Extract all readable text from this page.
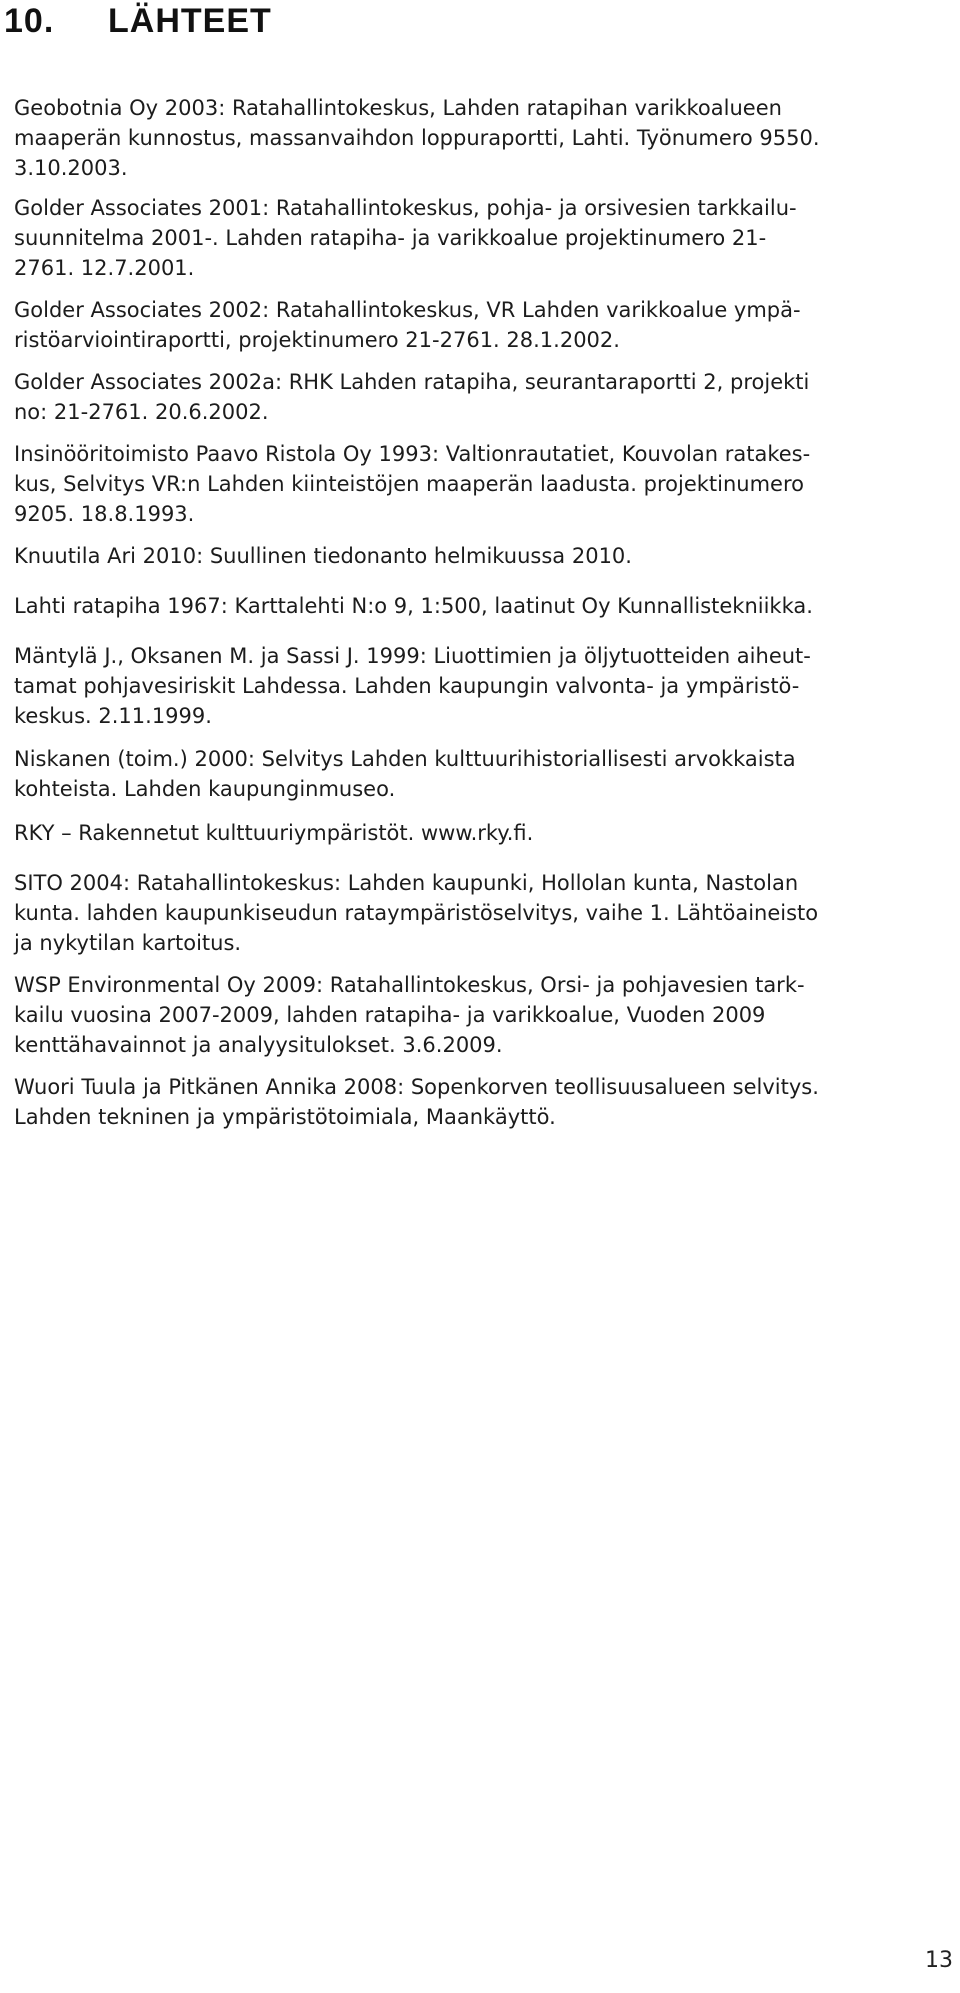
10. LÄHTEET
Geobotnia Oy 2003: Ratahallintokeskus, Lahden ratapihan varikkoalueen
maaperän kunnostus, massanvaihdon loppuraportti, Lahti. Työnumero 9550.
3.10.2003.
Golder Associates 2001: Ratahallintokeskus, pohja- ja orsivesien tarkkailu-
suunnitelma 2001-. Lahden ratapiha- ja varikkoalue projektinumero 21-
2761. 12.7.2001.
Golder Associates 2002: Ratahallintokeskus, VR Lahden varikkoalue ympä-
ristöarviointiraportti, projektinumero 21-2761. 28.1.2002.
Golder Associates 2002a: RHK Lahden ratapiha, seurantaraportti 2, projekti
no: 21-2761. 20.6.2002.
Insinööritoimisto Paavo Ristola Oy 1993: Valtionrautatiet, Kouvolan ratakes-
kus, Selvitys VR:n Lahden kiinteistöjen maaperän laadusta. projektinumero
9205. 18.8.1993.
Knuutila Ari 2010: Suullinen tiedonanto helmikuussa 2010.
Lahti ratapiha 1967: Karttalehti N:o 9, 1:500, laatinut Oy Kunnallistekniikka.
Mäntylä J., Oksanen M. ja Sassi J. 1999: Liuottimien ja öljytuotteiden aiheut-
tamat pohjavesiriskit Lahdessa. Lahden kaupungin valvonta- ja ympäristö-
keskus. 2.11.1999.
Niskanen (toim.) 2000: Selvitys Lahden kulttuurihistoriallisesti arvokkaista
kohteista. Lahden kaupunginmuseo.
RKY – Rakennetut kulttuuriympäristöt. www.rky.fi.
SITO 2004: Ratahallintokeskus: Lahden kaupunki, Hollolan kunta, Nastolan
kunta. lahden kaupunkiseudun rataympäristöselvitys, vaihe 1. Lähtöaineisto
ja nykytilan kartoitus.
WSP Environmental Oy 2009: Ratahallintokeskus, Orsi- ja pohjavesien tark-
kailu vuosina 2007-2009, lahden ratapiha- ja varikkoalue, Vuoden 2009
kenttähavainnot ja analyysitulokset. 3.6.2009.
Wuori Tuula ja Pitkänen Annika 2008: Sopenkorven teollisuusalueen selvitys.
Lahden tekninen ja ympäristötoimiala, Maankäyttö.
13
